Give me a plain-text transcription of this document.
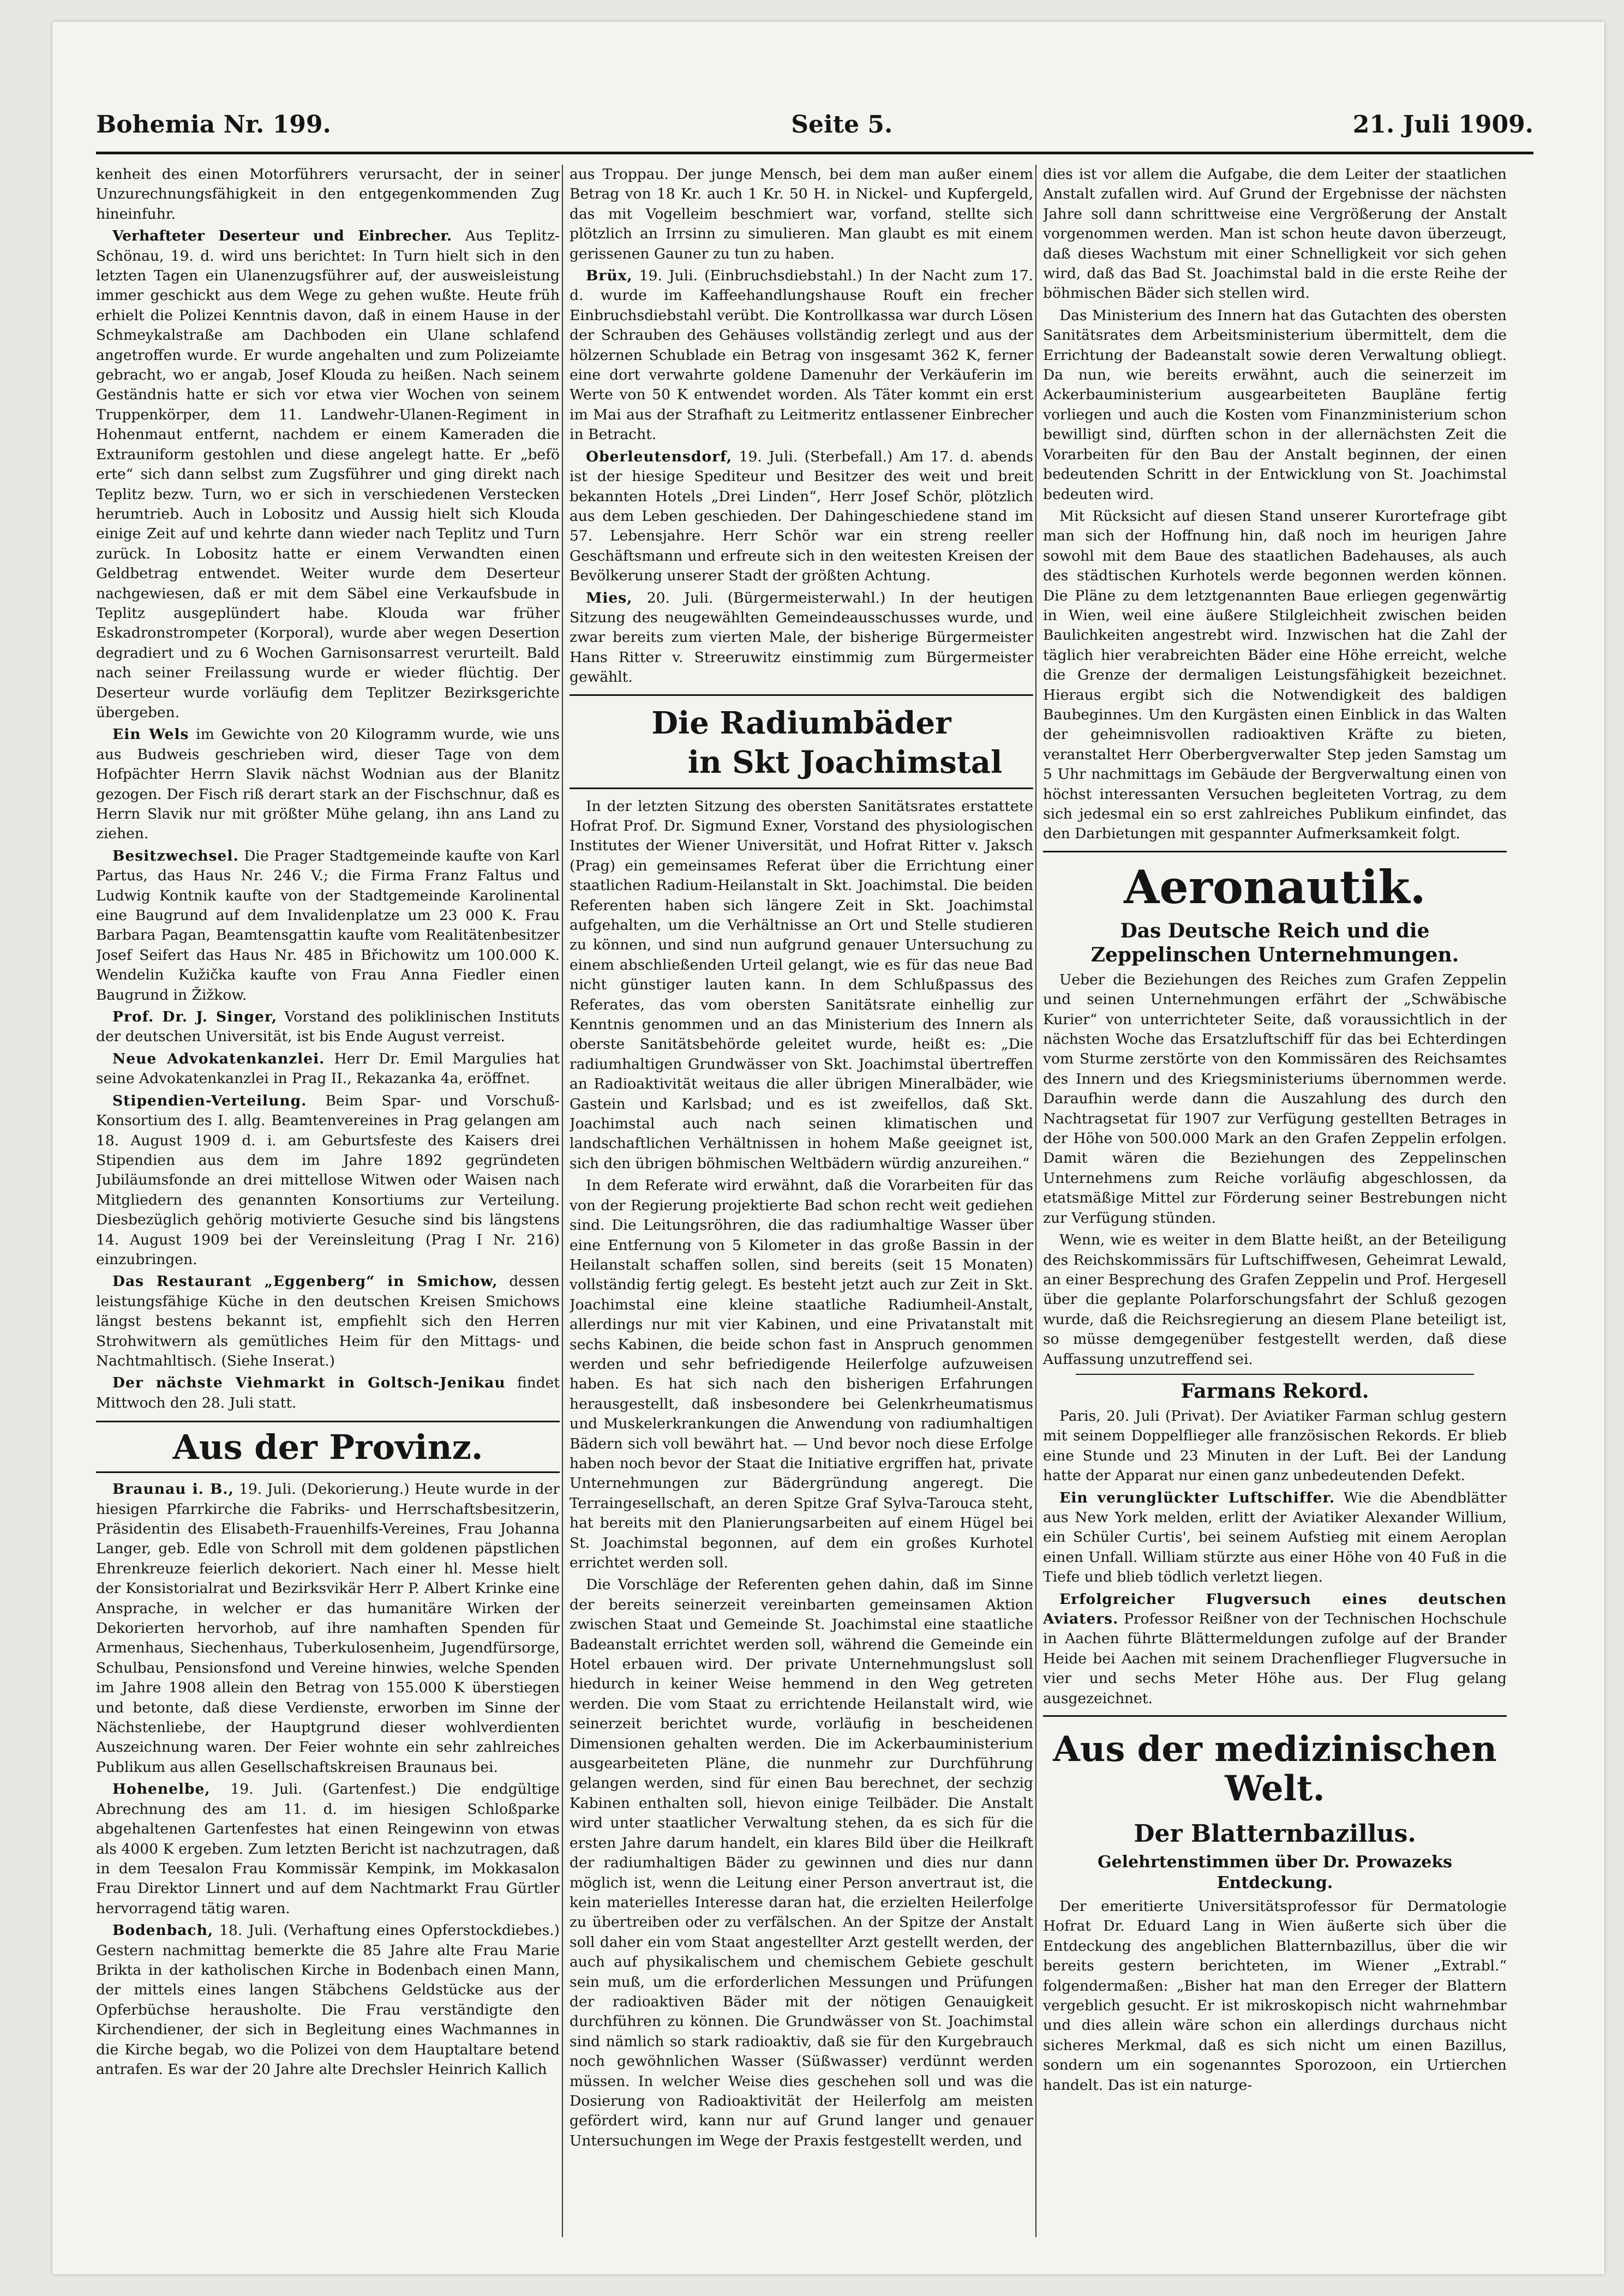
Bohemia Nr. 199.	Seite 5.	21. Juli 1909.

kenheit des einen Motorführers verursacht, der in seiner Unzurechnungsfähigkeit in den entgegenkommenden Zug hineinfuhr.

Verhafteter Deserteur und Einbrecher. Aus Teplitz-Schönau, 19. d. wird uns berichtet: In Turn hielt sich in den letzten Tagen ein Ulanenzugsführer auf, der ausweisleistung immer geschickt aus dem Wege zu gehen wußte. Heute früh erhielt die Polizei Kenntnis davon, daß in einem Hause in der Schmeykalstraße am Dachboden ein Ulane schlafend angetroffen wurde. Er wurde angehalten und zum Polizeiamte gebracht, wo er angab, Josef Klouda zu heißen. Nach seinem Geständnis hatte er sich vor etwa vier Wochen von seinem Truppenkörper, dem 11. Landwehr-Ulanen-Regiment in Hohenmaut entfernt, nachdem er einem Kameraden die Extrauniform gestohlen und diese angelegt hatte. Er „befö erte“ sich dann selbst zum Zugsführer und ging direkt nach Teplitz bezw. Turn, wo er sich in verschiedenen Verstecken herumtrieb. Auch in Lobositz und Aussig hielt sich Klouda einige Zeit auf und kehrte dann wieder nach Teplitz und Turn zurück. In Lobositz hatte er einem Verwandten einen Geldbetrag entwendet. Weiter wurde dem Deserteur nachgewiesen, daß er mit dem Säbel eine Verkaufsbude in Teplitz ausgeplündert habe. Klouda war früher Eskadronstrompeter (Korporal), wurde aber wegen Desertion degradiert und zu 6 Wochen Garnisonsarrest verurteilt. Bald nach seiner Freilassung wurde er wieder flüchtig. Der Deserteur wurde vorläufig dem Teplitzer Bezirksgerichte übergeben.

Ein Wels im Gewichte von 20 Kilogramm wurde, wie uns aus Budweis geschrieben wird, dieser Tage von dem Hofpächter Herrn Slavik nächst Wodnian aus der Blanitz gezogen. Der Fisch riß derart stark an der Fischschnur, daß es Herrn Slavik nur mit größter Mühe gelang, ihn ans Land zu ziehen.

Besitzwechsel. Die Prager Stadtgemeinde kaufte von Karl Partus, das Haus Nr. 246 V.; die Firma Franz Faltus und Ludwig Kontnik kaufte von der Stadtgemeinde Karolinental eine Baugrund auf dem Invalidenplatze um 23 000 K. Frau Barbara Pagan, Beamtensgattin kaufte vom Realitätenbesitzer Josef Seifert das Haus Nr. 485 in Břichowitz um 100.000 K. Wendelin Kužička kaufte von Frau Anna Fiedler einen Baugrund in Žižkow.

Prof. Dr. J. Singer, Vorstand des poliklinischen Instituts der deutschen Universität, ist bis Ende August verreist.

Neue Advokatenkanzlei. Herr Dr. Emil Margulies hat seine Advokatenkanzlei in Prag II., Rekazanka 4a, eröffnet.

Stipendien-Verteilung. Beim Spar- und Vorschuß-Konsortium des I. allg. Beamtenvereines in Prag gelangen am 18. August 1909 d. i. am Geburtsfeste des Kaisers drei Stipendien aus dem im Jahre 1892 gegründeten Jubiläumsfonde an drei mittellose Witwen oder Waisen nach Mitgliedern des genannten Konsortiums zur Verteilung. Diesbezüglich gehörig motivierte Gesuche sind bis längstens 14. August 1909 bei der Vereinsleitung (Prag I Nr. 216) einzubringen.

Das Restaurant „Eggenberg“ in Smichow, dessen leistungsfähige Küche in den deutschen Kreisen Smichows längst bestens bekannt ist, empfiehlt sich den Herren Strohwitwern als gemütliches Heim für den Mittags- und Nachtmahltisch. (Siehe Inserat.)

Der nächste Viehmarkt in Goltsch-Jenikau findet Mittwoch den 28. Juli statt.

Aus der Provinz.

Braunau i. B., 19. Juli. (Dekorierung.) Heute wurde in der hiesigen Pfarrkirche die Fabriks- und Herrschaftsbesitzerin, Präsidentin des Elisabeth-Frauenhilfs-Vereines, Frau Johanna Langer, geb. Edle von Schroll mit dem goldenen päpstlichen Ehrenkreuze feierlich dekoriert. Nach einer hl. Messe hielt der Konsistorialrat und Bezirksvikär Herr P. Albert Krinke eine Ansprache, in welcher er das humanitäre Wirken der Dekorierten hervorhob, auf ihre namhaften Spenden für Armenhaus, Siechenhaus, Tuberkulosenheim, Jugendfürsorge, Schulbau, Pensionsfond und Vereine hinwies, welche Spenden im Jahre 1908 allein den Betrag von 155.000 K überstiegen und betonte, daß diese Verdienste, erworben im Sinne der Nächstenliebe, der Hauptgrund dieser wohlverdienten Auszeichnung waren. Der Feier wohnte ein sehr zahlreiches Publikum aus allen Gesellschaftskreisen Braunaus bei.

Hohenelbe, 19. Juli. (Gartenfest.) Die endgültige Abrechnung des am 11. d. im hiesigen Schloßparke abgehaltenen Gartenfestes hat einen Reingewinn von etwas als 4000 K ergeben. Zum letzten Bericht ist nachzutragen, daß in dem Teesalon Frau Kommissär Kempink, im Mokkasalon Frau Direktor Linnert und auf dem Nachtmarkt Frau Gürtler hervorragend tätig waren.

Bodenbach, 18. Juli. (Verhaftung eines Opferstockdiebes.) Gestern nachmittag bemerkte die 85 Jahre alte Frau Marie Brikta in der katholischen Kirche in Bodenbach einen Mann, der mittels eines langen Stäbchens Geldstücke aus der Opferbüchse herausholte. Die Frau verständigte den Kirchendiener, der sich in Begleitung eines Wachmannes in die Kirche begab, wo die Polizei von dem Hauptaltare betend antrafen. Es war der 20 Jahre alte Drechsler Heinrich Kallich

aus Troppau. Der junge Mensch, bei dem man außer einem Betrag von 18 Kr. auch 1 Kr. 50 H. in Nickel- und Kupfergeld, das mit Vogelleim beschmiert war, vorfand, stellte sich plötzlich an Irrsinn zu simulieren. Man glaubt es mit einem gerissenen Gauner zu tun zu haben.

Brüx, 19. Juli. (Einbruchsdiebstahl.) In der Nacht zum 17. d. wurde im Kaffeehandlungshause Rouft ein frecher Einbruchsdiebstahl verübt. Die Kontrollkassa war durch Lösen der Schrauben des Gehäuses vollständig zerlegt und aus der hölzernen Schublade ein Betrag von insgesamt 362 K, ferner eine dort verwahrte goldene Damenuhr der Verkäuferin im Werte von 50 K entwendet worden. Als Täter kommt ein erst im Mai aus der Strafhaft zu Leitmeritz entlassener Einbrecher in Betracht.

Oberleutensdorf, 19. Juli. (Sterbefall.) Am 17. d. abends ist der hiesige Spediteur und Besitzer des weit und breit bekannten Hotels „Drei Linden“, Herr Josef Schör, plötzlich aus dem Leben geschieden. Der Dahingeschiedene stand im 57. Lebensjahre. Herr Schör war ein streng reeller Geschäftsmann und erfreute sich in den weitesten Kreisen der Bevölkerung unserer Stadt der größten Achtung.

Mies, 20. Juli. (Bürgermeisterwahl.) In der heutigen Sitzung des neugewählten Gemeindeausschusses wurde, und zwar bereits zum vierten Male, der bisherige Bürgermeister Hans Ritter v. Streeruwitz einstimmig zum Bürgermeister gewählt.

Die Radiumbäder
in Skt Joachimstal

In der letzten Sitzung des obersten Sanitätsrates erstattete Hofrat Prof. Dr. Sigmund Exner, Vorstand des physiologischen Institutes der Wiener Universität, und Hofrat Ritter v. Jaksch (Prag) ein gemeinsames Referat über die Errichtung einer staatlichen Radium-Heilanstalt in Skt. Joachimstal. Die beiden Referenten haben sich längere Zeit in Skt. Joachimstal aufgehalten, um die Verhältnisse an Ort und Stelle studieren zu können, und sind nun aufgrund genauer Untersuchung zu einem abschließenden Urteil gelangt, wie es für das neue Bad nicht günstiger lauten kann. In dem Schlußpassus des Referates, das vom obersten Sanitätsrate einhellig zur Kenntnis genommen und an das Ministerium des Innern als oberste Sanitätsbehörde geleitet wurde, heißt es: „Die radiumhaltigen Grundwässer von Skt. Joachimstal übertreffen an Radioaktivität weitaus die aller übrigen Mineralbäder, wie Gastein und Karlsbad; und es ist zweifellos, daß Skt. Joachimstal auch nach seinen klimatischen und landschaftlichen Verhältnissen in hohem Maße geeignet ist, sich den übrigen böhmischen Weltbädern würdig anzureihen.“

In dem Referate wird erwähnt, daß die Vorarbeiten für das von der Regierung projektierte Bad schon recht weit gediehen sind. Die Leitungsröhren, die das radiumhaltige Wasser über eine Entfernung von 5 Kilometer in das große Bassin in der Heilanstalt schaffen sollen, sind bereits (seit 15 Monaten) vollständig fertig gelegt. Es besteht jetzt auch zur Zeit in Skt. Joachimstal eine kleine staatliche Radiumheil-Anstalt, allerdings nur mit vier Kabinen, und eine Privatanstalt mit sechs Kabinen, die beide schon fast in Anspruch genommen werden und sehr befriedigende Heilerfolge aufzuweisen haben. Es hat sich nach den bisherigen Erfahrungen herausgestellt, daß insbesondere bei Gelenkrheumatismus und Muskelerkrankungen die Anwendung von radiumhaltigen Bädern sich voll bewährt hat. — Und bevor noch diese Erfolge haben noch bevor der Staat die Initiative ergriffen hat, private Unternehmungen zur Bädergründung angeregt. Die Terraingesellschaft, an deren Spitze Graf Sylva-Tarouca steht, hat bereits mit den Planierungsarbeiten auf einem Hügel bei St. Joachimstal begonnen, auf dem ein großes Kurhotel errichtet werden soll.

Die Vorschläge der Referenten gehen dahin, daß im Sinne der bereits seinerzeit vereinbarten gemeinsamen Aktion zwischen Staat und Gemeinde St. Joachimstal eine staatliche Badeanstalt errichtet werden soll, während die Gemeinde ein Hotel erbauen wird. Der private Unternehmungslust soll hiedurch in keiner Weise hemmend in den Weg getreten werden. Die vom Staat zu errichtende Heilanstalt wird, wie seinerzeit berichtet wurde, vorläufig in bescheidenen Dimensionen gehalten werden. Die im Ackerbauministerium ausgearbeiteten Pläne, die nunmehr zur Durchführung gelangen werden, sind für einen Bau berechnet, der sechzig Kabinen enthalten soll, hievon einige Teilbäder. Die Anstalt wird unter staatlicher Verwaltung stehen, da es sich für die ersten Jahre darum handelt, ein klares Bild über die Heilkraft der radiumhaltigen Bäder zu gewinnen und dies nur dann möglich ist, wenn die Leitung einer Person anvertraut ist, die kein materielles Interesse daran hat, die erzielten Heilerfolge zu übertreiben oder zu verfälschen. An der Spitze der Anstalt soll daher ein vom Staat angestellter Arzt gestellt werden, der auch auf physikalischem und chemischem Gebiete geschult sein muß, um die erforderlichen Messungen und Prüfungen der radioaktiven Bäder mit der nötigen Genauigkeit durchführen zu können. Die Grundwässer von St. Joachimstal sind nämlich so stark radioaktiv, daß sie für den Kurgebrauch noch gewöhnlichen Wasser (Süßwasser) verdünnt werden müssen. In welcher Weise dies geschehen soll und was die Dosierung von Radioaktivität der Heilerfolg am meisten gefördert wird, kann nur auf Grund langer und genauer Untersuchungen im Wege der Praxis festgestellt werden, und

dies ist vor allem die Aufgabe, die dem Leiter der staatlichen Anstalt zufallen wird. Auf Grund der Ergebnisse der nächsten Jahre soll dann schrittweise eine Vergrößerung der Anstalt vorgenommen werden. Man ist schon heute davon überzeugt, daß dieses Wachstum mit einer Schnelligkeit vor sich gehen wird, daß das Bad St. Joachimstal bald in die erste Reihe der böhmischen Bäder sich stellen wird.

Das Ministerium des Innern hat das Gutachten des obersten Sanitätsrates dem Arbeitsministerium übermittelt, dem die Errichtung der Badeanstalt sowie deren Verwaltung obliegt. Da nun, wie bereits erwähnt, auch die seinerzeit im Ackerbauministerium ausgearbeiteten Baupläne fertig vorliegen und auch die Kosten vom Finanzministerium schon bewilligt sind, dürften schon in der allernächsten Zeit die Vorarbeiten für den Bau der Anstalt beginnen, der einen bedeutenden Schritt in der Entwicklung von St. Joachimstal bedeuten wird.

Mit Rücksicht auf diesen Stand unserer Kurortefrage gibt man sich der Hoffnung hin, daß noch im heurigen Jahre sowohl mit dem Baue des staatlichen Badehauses, als auch des städtischen Kurhotels werde begonnen werden können. Die Pläne zu dem letztgenannten Baue erliegen gegenwärtig in Wien, weil eine äußere Stilgleichheit zwischen beiden Baulichkeiten angestrebt wird. Inzwischen hat die Zahl der täglich hier verabreichten Bäder eine Höhe erreicht, welche die Grenze der dermaligen Leistungsfähigkeit bezeichnet. Hieraus ergibt sich die Notwendigkeit des baldigen Baubeginnes. Um den Kurgästen einen Einblick in das Walten der geheimnisvollen radioaktiven Kräfte zu bieten, veranstaltet Herr Oberbergverwalter Step jeden Samstag um 5 Uhr nachmittags im Gebäude der Bergverwaltung einen von höchst interessanten Versuchen begleiteten Vortrag, zu dem sich jedesmal ein so erst zahlreiches Publikum einfindet, das den Darbietungen mit gespannter Aufmerksamkeit folgt.

Aeronautik.
Das Deutsche Reich und die Zeppelinschen Unternehmungen.

Ueber die Beziehungen des Reiches zum Grafen Zeppelin und seinen Unternehmungen erfährt der „Schwäbische Kurier“ von unterrichteter Seite, daß voraussichtlich in der nächsten Woche das Ersatzluftschiff für das bei Echterdingen vom Sturme zerstörte von den Kommissären des Reichsamtes des Innern und des Kriegsministeriums übernommen werde. Daraufhin werde dann die Auszahlung des durch den Nachtragsetat für 1907 zur Verfügung gestellten Betrages in der Höhe von 500.000 Mark an den Grafen Zeppelin erfolgen. Damit wären die Beziehungen des Zeppelinschen Unternehmens zum Reiche vorläufig abgeschlossen, da etatsmäßige Mittel zur Förderung seiner Bestrebungen nicht zur Verfügung stünden.

Wenn, wie es weiter in dem Blatte heißt, an der Beteiligung des Reichskommissärs für Luftschiffwesen, Geheimrat Lewald, an einer Besprechung des Grafen Zeppelin und Prof. Hergesell über die geplante Polarforschungsfahrt der Schluß gezogen wurde, daß die Reichsregierung an diesem Plane beteiligt ist, so müsse demgegenüber festgestellt werden, daß diese Auffassung unzutreffend sei.

Farmans Rekord.

Paris, 20. Juli (Privat). Der Aviatiker Farman schlug gestern mit seinem Doppelflieger alle französischen Rekords. Er blieb eine Stunde und 23 Minuten in der Luft. Bei der Landung hatte der Apparat nur einen ganz unbedeutenden Defekt.

Ein verunglückter Luftschiffer. Wie die Abendblätter aus New York melden, erlitt der Aviatiker Alexander Willium, ein Schüler Curtis', bei seinem Aufstieg mit einem Aeroplan einen Unfall. William stürzte aus einer Höhe von 40 Fuß in die Tiefe und blieb tödlich verletzt liegen.

Erfolgreicher Flugversuch eines deutschen Aviaters. Professor Reißner von der Technischen Hochschule in Aachen führte Blättermeldungen zufolge auf der Brander Heide bei Aachen mit seinem Drachenflieger Flugversuche in vier und sechs Meter Höhe aus. Der Flug gelang ausgezeichnet.

Aus der medizinischen Welt.
Der Blatternbazillus.
Gelehrtenstimmen über Dr. Prowazeks Entdeckung.

Der emeritierte Universitätsprofessor für Dermatologie Hofrat Dr. Eduard Lang in Wien äußerte sich über die Entdeckung des angeblichen Blatternbazillus, über die wir bereits gestern berichteten, im Wiener „Extrabl.“ folgendermaßen: „Bisher hat man den Erreger der Blattern vergeblich gesucht. Er ist mikroskopisch nicht wahrnehmbar und dies allein wäre schon ein allerdings durchaus nicht sicheres Merkmal, daß es sich nicht um einen Bazillus, sondern um ein sogenanntes Sporozoon, ein Urtierchen handelt. Das ist ein naturge-
